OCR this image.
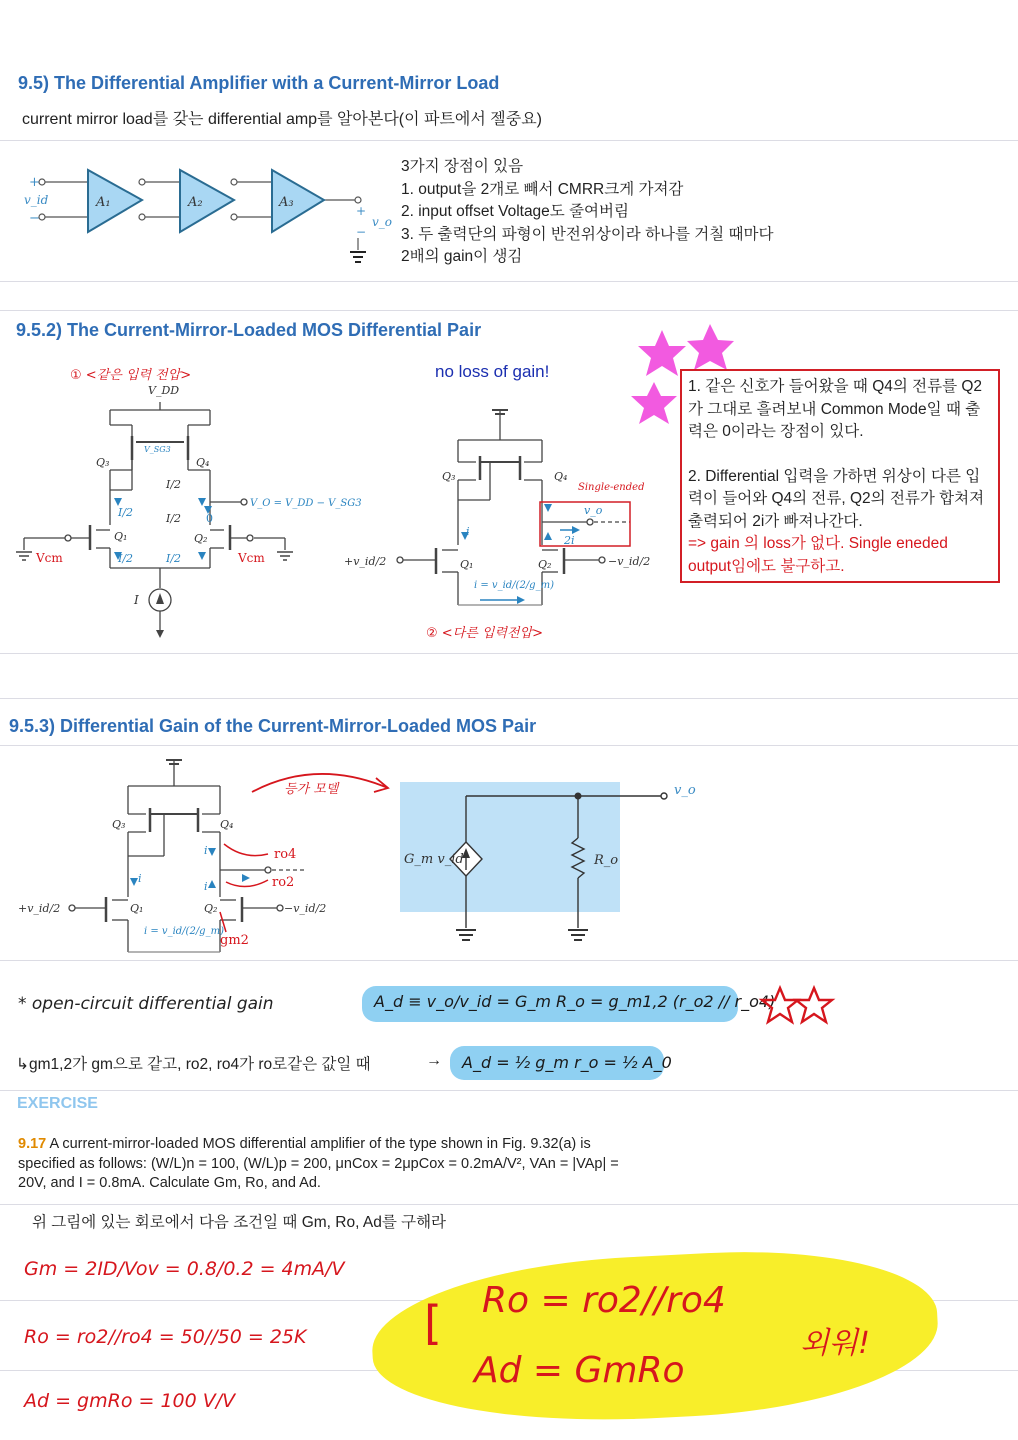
9.5) The Differential Amplifier with a Current-Mirror Load
current mirror load를 갖는 differential amp를 알아본다(이 파트에서 젤중요)
+
−
v_id	A₁	A₂	A₃
+
−
v_o
3가지 장점이 있음
1. output을 2개로 빼서 CMRR크게 가져감
2. input offset Voltage도 줄여버림
3. 두 출력단의 파형이 반전위상이라 하나를 거칠 때마다
2배의 gain이 생김
9.5.2) The Current-Mirror-Loaded MOS Differential Pair
① <같은 입력 전압>	no loss of gain!
V_DD
Q₃	Q₄
V_SG3
I/2
I/2	I/2
I/2	I/2
0
V_O = V_DD − V_SG3
Q₁	Q₂
I
Vcm	Vcm
Q₃	Q₄
i
v_o
2i
Q₁	Q₂
+v_id/2	−v_id/2
i = v_id/(2/g_m)
Single-ended
② <다른 입력전압>
1. 같은 신호가 들어왔을 때 Q4의 전류를 Q2가 그대로 흘려보내 Common Mode일 때 출력은 0이라는 장점이 있다.
2. Differential 입력을 가하면 위상이 다른 입력이 들어와 Q4의 전류, Q2의 전류가 합쳐져 출력되어 2i가 빠져나간다.
=> gain 의 loss가 없다. Single eneded output임에도 불구하고.
9.5.3) Differential Gain of the Current-Mirror-Loaded MOS Pair
Q₃	Q₄
i
i
i
Q₁	Q₂
+v_id/2	−v_id/2
i = v_id/(2/g_m)
ro4
ro2
gm2
등가 모델
G_m v_id	R_o
v_o
* open-circuit differential gain	A_d ≡ v_o/v_id = G_m R_o = g_m1,2 (r_o2 // r_o4)
↳gm1,2가 gm으로 같고, ro2, ro4가 ro로같은 값일 때	→ A_d = ½ g_m r_o = ½ A_0
EXERCISE
9.17 A current-mirror-loaded MOS differential amplifier of the type shown in Fig. 9.32(a) is specified as follows: (W/L)n = 100, (W/L)p = 200, μnCox = 2μpCox = 0.2mA/V², VAn = |VAp| = 20V, and I = 0.8mA. Calculate Gm, Ro, and Ad.
위 그림에 있는 회로에서 다음 조건일 때 Gm, Ro, Ad를 구해라
Gm = 2ID/Vov = 0.8/0.2 = 4mA/V
Ro = ro2//ro4 = 50//50 = 25K
Ad = gmRo = 100 V/V
[ Ro = ro2//ro4
Ad = GmRo
외워!
